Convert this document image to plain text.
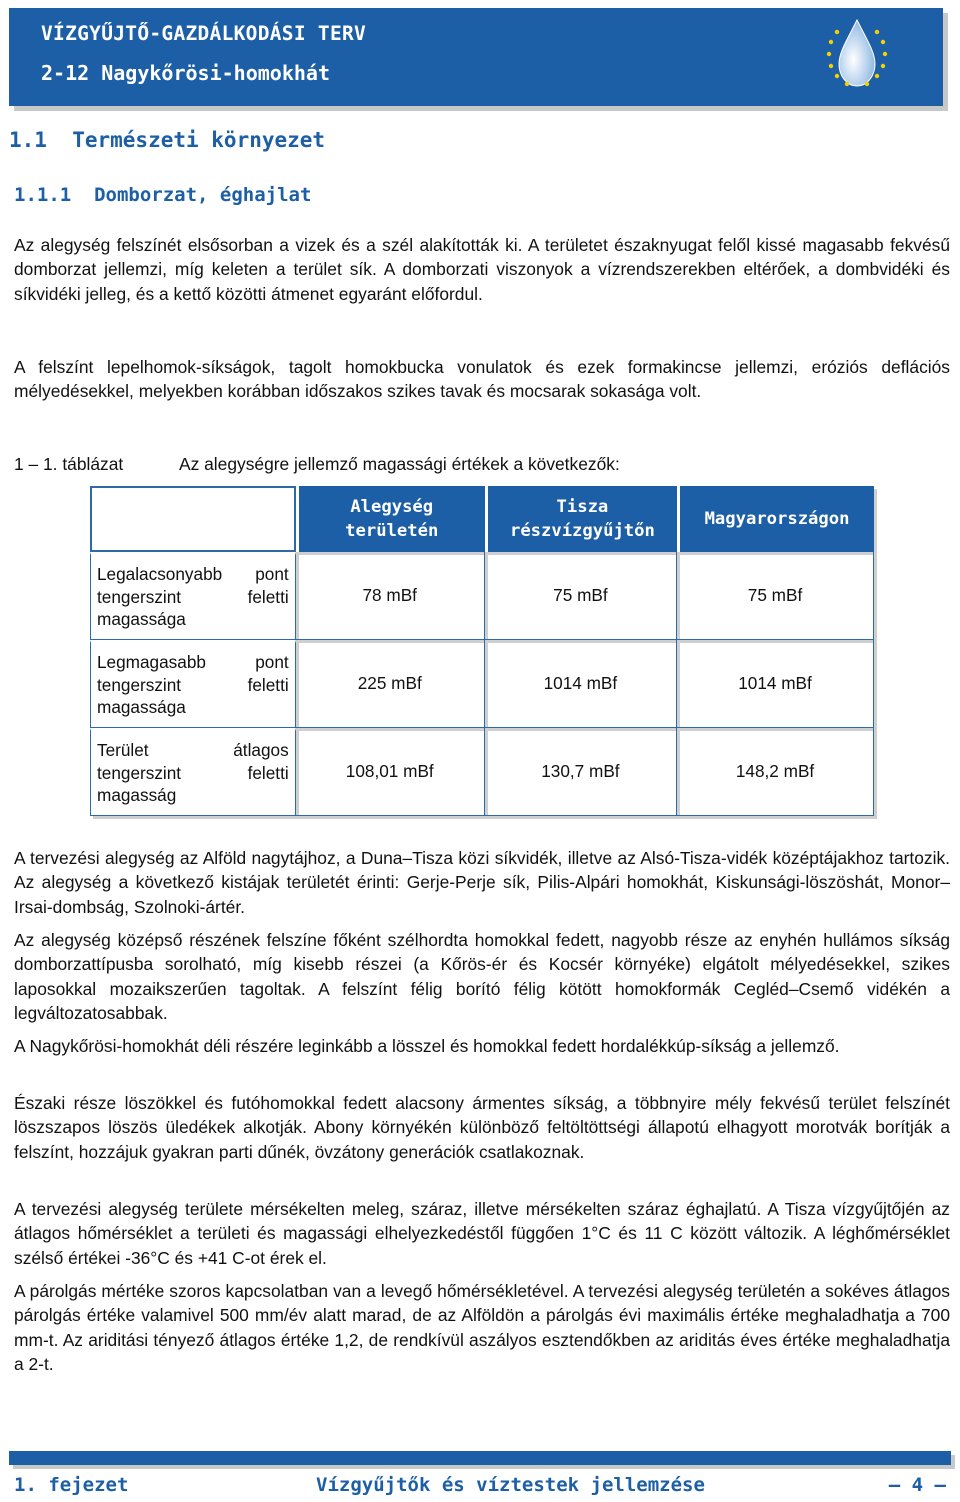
VÍZGYŰJTŐ-GAZDÁLKODÁSI TERV
2-12 Nagykőrösi-homokhát
1.1  Természeti környezet
1.1.1  Domborzat, éghajlat

Az alegység felszínét elsősorban a vizek és a szél alakították ki. A területet északnyugat felől kissé magasabb fekvésű domborzat jellemzi, míg keleten a terület sík. A domborzati viszonyok a vízrendszerekben eltérőek, a dombvidéki és síkvidéki jelleg, és a kettő közötti átmenet egyaránt előfordul.

A felszínt lepelhomok-síkságok, tagolt homokbucka vonulatok és ezek formakincse jellemzi, eróziós deflációs mélyedésekkel, melyekben korábban időszakos szikes tavak és mocsarak sokasága volt.

1 – 1. táblázat	Az alegységre jellemző magassági értékek a következők:
	Alegység területén	Tisza részvízgyűjtőn	Magyarországon
Legalacsonyabb pont tengerszint feletti magassága	78 mBf	75 mBf	75 mBf
Legmagasabb pont tengerszint feletti magassága	225 mBf	1014 mBf	1014 mBf
Terület átlagos tengerszint feletti magasság	108,01 mBf	130,7 mBf	148,2 mBf

A tervezési alegység az Alföld nagytájhoz, a Duna–Tisza közi síkvidék, illetve az Alsó-Tisza-vidék középtájakhoz tartozik. Az alegység a következő kistájak területét érinti: Gerje-Perje sík, Pilis-Alpári homokhát, Kiskunsági-löszöshát, Monor–Irsai-dombság, Szolnoki-ártér.

Az alegység középső részének felszíne főként szélhordta homokkal fedett, nagyobb része az enyhén hullámos síkság domborzattípusba sorolható, míg kisebb részei (a Kőrös-ér és Kocsér környéke) elgátolt mélyedésekkel, szikes laposokkal mozaikszerűen tagoltak. A felszínt félig borító félig kötött homokformák Cegléd–Csemő vidékén a legváltozatosabbak.

A Nagykőrösi-homokhát déli részére leginkább a lösszel és homokkal fedett hordalékkúp-síkság a jellemző.

Északi része löszökkel és futóhomokkal fedett alacsony ármentes síkság, a többnyire mély fekvésű terület felszínét löszszapos löszös üledékek alkotják. Abony környékén különböző feltöltöttségi állapotú elhagyott morotvák borítják a felszínt, hozzájuk gyakran parti dűnék, övzátony generációk csatlakoznak.

A tervezési alegység területe mérsékelten meleg, száraz, illetve mérsékelten száraz éghajlatú. A Tisza vízgyűjtőjén az átlagos hőmérséklet a területi és magassági elhelyezkedéstől függően 1°C és 11 C között változik. A léghőmérséklet szélső értékei -36°C és +41 C-ot érek el.

A párolgás mértéke szoros kapcsolatban van a levegő hőmérsékletével. A tervezési alegység területén a sokéves átlagos párolgás értéke valamivel 500 mm/év alatt marad, de az Alföldön a párolgás évi maximális értéke meghaladhatja a 700 mm-t. Az ariditási tényező átlagos értéke 1,2, de rendkívül aszályos esztendőkben az ariditás éves értéke meghaladhatja a 2-t.

1. fejezet	Vízgyűjtők és víztestek jellemzése	– 4 –
